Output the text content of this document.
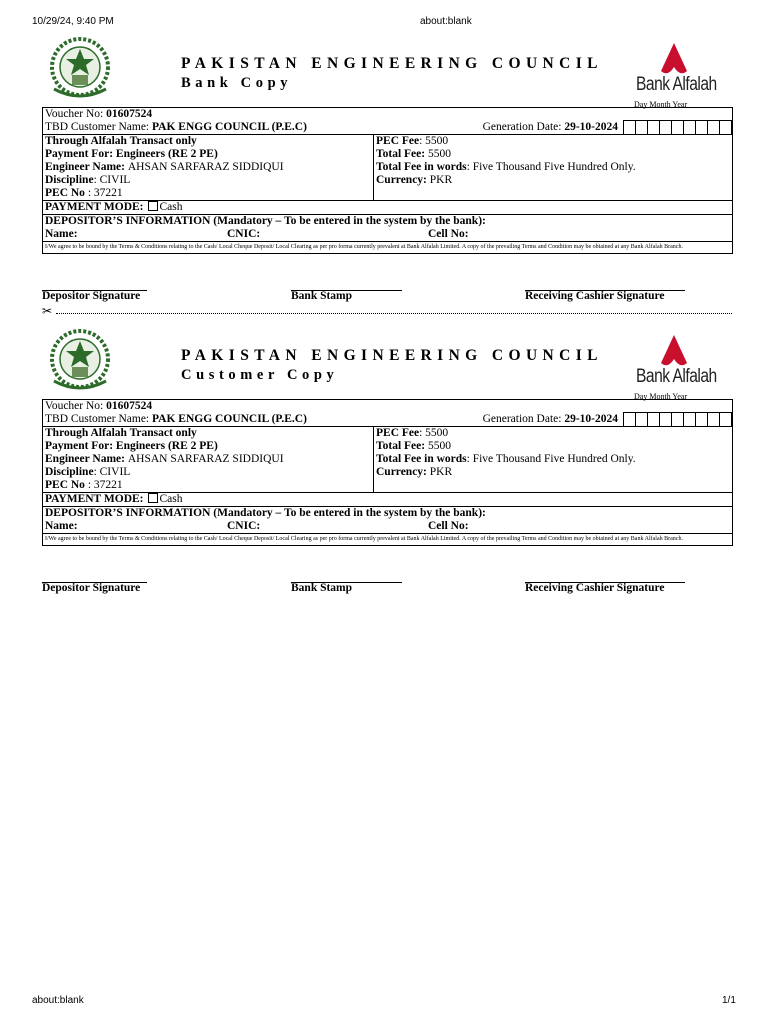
10/29/24, 9:40 PM	about:blank
PAKISTAN ENGINEERING COUNCIL
Bank Copy	Bank Alfalah
Day Month Year
Voucher No: 01607524
TBD Customer Name: PAK ENGG COUNCIL (P.E.C)	Generation Date: 29-10-2024
Through Alfalah Transact only
Payment For: Engineers (RE 2 PE)
Engineer Name: AHSAN SARFARAZ SIDDIQUI
Discipline: CIVIL
PEC No : 37221
PEC Fee: 5500
Total Fee: 5500
Total Fee in words: Five Thousand Five Hundred Only.
Currency: PKR
PAYMENT MODE: Cash
DEPOSITOR’S INFORMATION (Mandatory – To be entered in the system by the bank):
Name:	CNIC:	Cell No:
I/We agree to be bound by the Terms & Conditions relating to the Cash/ Local Cheque Deposit/ Local Clearing as per pro forma currently prevalent at Bank Alfalah Limited. A copy of the prevailing Terms and Condition may be obtained at any Bank Alfalah Branch.
Depositor Signature	Bank Stamp	Receiving Cashier Signature
✂
PAKISTAN ENGINEERING COUNCIL
Customer Copy	Bank Alfalah
Day Month Year
Voucher No: 01607524
TBD Customer Name: PAK ENGG COUNCIL (P.E.C)	Generation Date: 29-10-2024
Through Alfalah Transact only
Payment For: Engineers (RE 2 PE)
Engineer Name: AHSAN SARFARAZ SIDDIQUI
Discipline: CIVIL
PEC No : 37221
PEC Fee: 5500
Total Fee: 5500
Total Fee in words: Five Thousand Five Hundred Only.
Currency: PKR
PAYMENT MODE: Cash
DEPOSITOR’S INFORMATION (Mandatory – To be entered in the system by the bank):
Name:	CNIC:	Cell No:
I/We agree to be bound by the Terms & Conditions relating to the Cash/ Local Cheque Deposit/ Local Clearing as per pro forma currently prevalent at Bank Alfalah Limited. A copy of the prevailing Terms and Condition may be obtained at any Bank Alfalah Branch.
Depositor Signature	Bank Stamp	Receiving Cashier Signature
about:blank	1/1
